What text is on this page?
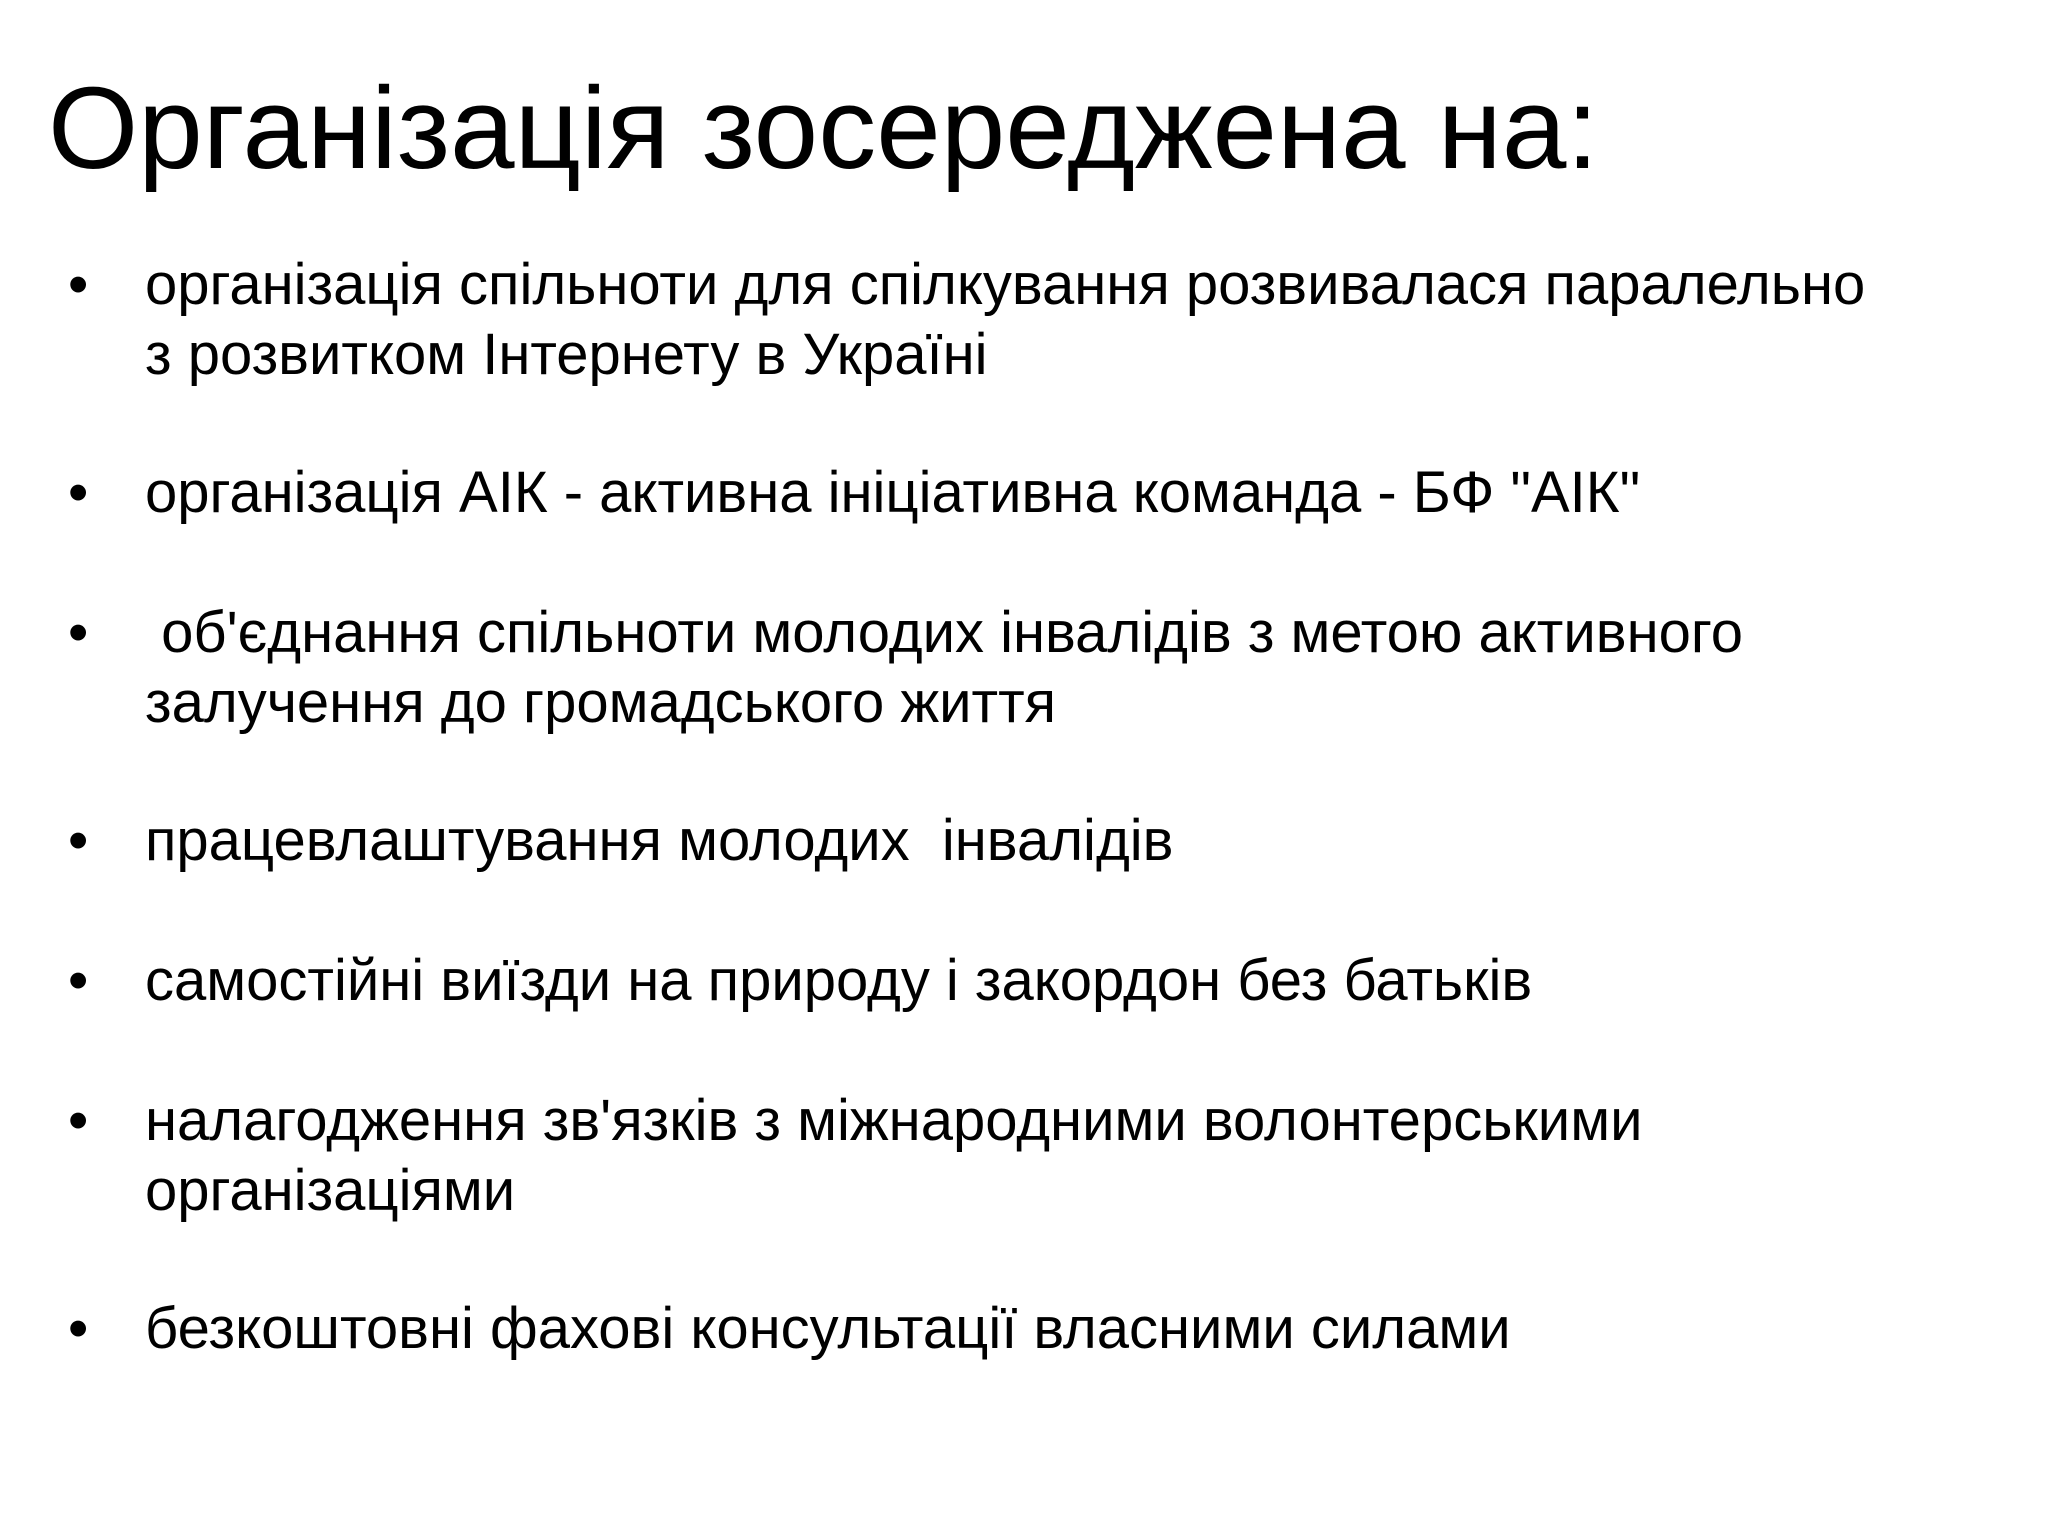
Організація зосереджена на:
• організація спільноти для спілкування розвивалася паралельно
з розвитком Інтернету в Україні
• організація АІК - активна ініціативна команда - БФ "АІК"
• об'єднання спільноти молодих інвалідів з метою активного
залучення до громадського життя
• працевлаштування молодих  інвалідів
• самостійні виїзди на природу і закордон без батьків
• налагодження зв'язків з міжнародними волонтерськими
організаціями
• безкоштовні фахові консультації власними силами
